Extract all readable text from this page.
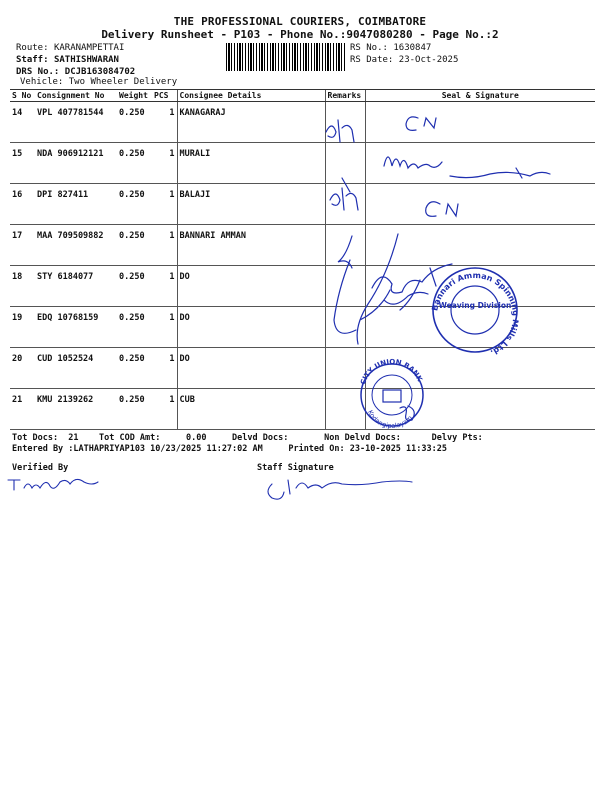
THE PROFESSIONAL COURIERS, COIMBATORE
Delivery Runsheet - P103 - Phone No.:9047080280 - Page No.:2
Route: KARANAMPETTAI
Staff: SATHISHWARAN
DRS No.: DCJB163084702
Vehicle: Two Wheeler Delivery
RS No.: 1630847
RS Date: 23-Oct-2025
S No	Consignment No	Weight	PCS	Consignee Details	Remarks	Seal & Signature
14	VPL 407781544	0.250	1	KANAGARAJ		
15	NDA 906912121	0.250	1	MURALI		
16	DPI 827411	0.250	1	BALAJI		
17	MAA 709509882	0.250	1	BANNARI AMMAN		
18	STY 6184077	0.250	1	DO		
19	EDQ 10768159	0.250	1	DO		
20	CUD 1052524	0.250	1	DO		
21	KMU 2139262	0.250	1	CUB		
Tot Docs:  21    Tot COD Amt:     0.00     Delvd Docs:       Non Delvd Docs:      Delvy Pts:
Entered By :LATHAPRIYAP103 10/23/2025 11:27:02 AM     Printed On: 23-10-2025 11:33:25
Verified By	Staff Signature
Bannari Amman Spinning Mills Ltd.
Weaving Division
CITY UNION BANK
Kodangipalayam
